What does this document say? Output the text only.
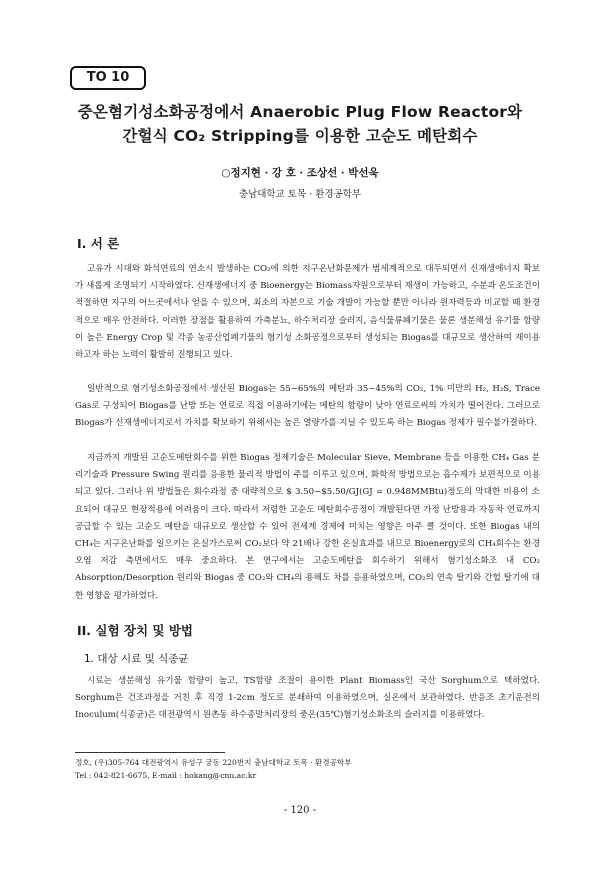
TO 10
중온혐기성소화공정에서 Anaerobic Plug Flow Reactor와
간헐식 CO₂ Stripping를 이용한 고순도 메탄회수
○정지현 · 강 호 · 조상선 · 박선욱
충남대학교 토목 · 환경공학부
I. 서 론

고유가 시대와 화석연료의 연소시 발생하는 CO₂에 의한 지구온난화문제가 범세계적으로 대두되면서 신재생에너지 확보가 새롭게 조명되기 시작하였다. 신재생에너지 중 Bioenergy는 Biomass자원으로부터 재생이 가능하고, 수분과 온도조건이 적절하면 지구의 어느곳에서나 얻을 수 있으며, 최소의 자본으로 기술 개발이 가능할 뿐만 아니라 원자력등과 비교할 때 환경적으로 매우 안전하다. 이러한 장점을 활용하여 가축분뇨, 하수처리장 슬러지, 음식물류폐기물은 물론 생분해성 유기물 함량이 높은 Energy Crop 및 각종 농공산업폐기물의 혐기성 소화공정으로부터 생성되는 Biogas를 대규모로 생산하여 재이용하고자 하는 노력이 활발히 진행되고 있다.

일반적으로 혐기성소화공정에서 생산된 Biogas는 55~65%의 메탄과 35~45%의 CO₂, 1% 미만의 H₂, H₂S, Trace Gas로 구성되어 Biogas를 난방 또는 연료로 직접 이용하기에는 메탄의 함량이 낮아 연료로써의 가치가 떨어진다. 그러므로 Biogas가 신재생에너지로서 가치를 확보하기 위해서는 높은 열량가를 지닐 수 있도록 하는 Biogas 정제가 필수불가결하다.

지금까지 개발된 고순도메탄회수를 위한 Biogas 정제기술은 Molecular Sieve, Membrane 등을 이용한 CH₄ Gas 분리기술과 Pressure Swing 원리를 응용한 물리적 방법이 주를 이루고 있으며, 화학적 방법으로는 흡수제가 보편적으로 이용되고 있다. 그러나 위 방법들은 회수과정 중 대략적으로 $ 3.50~$5.50/GJ(GJ = 0.948MMBtu)정도의 막대한 비용이 소요되어 대규모 현장적용에 어려움이 크다. 따라서 저렴한 고순도 메탄회수공정이 개발된다면 가정 난방용과 자동차 연료까지 공급할 수 있는 고순도 메탄을 대규모로 생산할 수 있어 전세계 경제에 미치는 영향은 아주 클 것이다. 또한 Biogas 내의 CH₄는 지구온난화를 일으키는 온실가스로써 CO₂보다 약 21배나 강한 온실효과를 내므로 Bioenergy로의 CH₄회수는 환경오염 저감 측면에서도 매우 중요하다. 본 연구에서는 고순도메탄을 회수하기 위해서 혐기성소화조 내 CO₂ Absorption/Desorption 원리와 Biogas 중 CO₂와 CH₄의 용해도 차를 응용하였으며, CO₂의 연속 탈기와 간헐 탈기에 대한 영향을 평가하였다.

II. 실험 장치 및 방법
1. 대상 시료 및 식종균

시료는 생분해성 유기물 함량이 높고, TS함량 조절이 용이한 Plant Biomass인 국산 Sorghum으로 택하였다. Sorghum은 건조과정을 거친 후 직경 1-2cm 정도로 분쇄하여 이용하였으며, 실온에서 보관하였다. 반응조 초기운전의 Inoculum(식종균)은 대전광역시 원촌동 하수종말처리장의 중온(35℃)혐기성소화조의 슬러지를 이용하였다.

정호, (우)305-764 대전광역시 유성구 궁동 220번지 충남대학교 토목 · 환경공학부
Tel : 042-821-6675, E-mail : hokang@cnu.ac.kr
- 120 -
